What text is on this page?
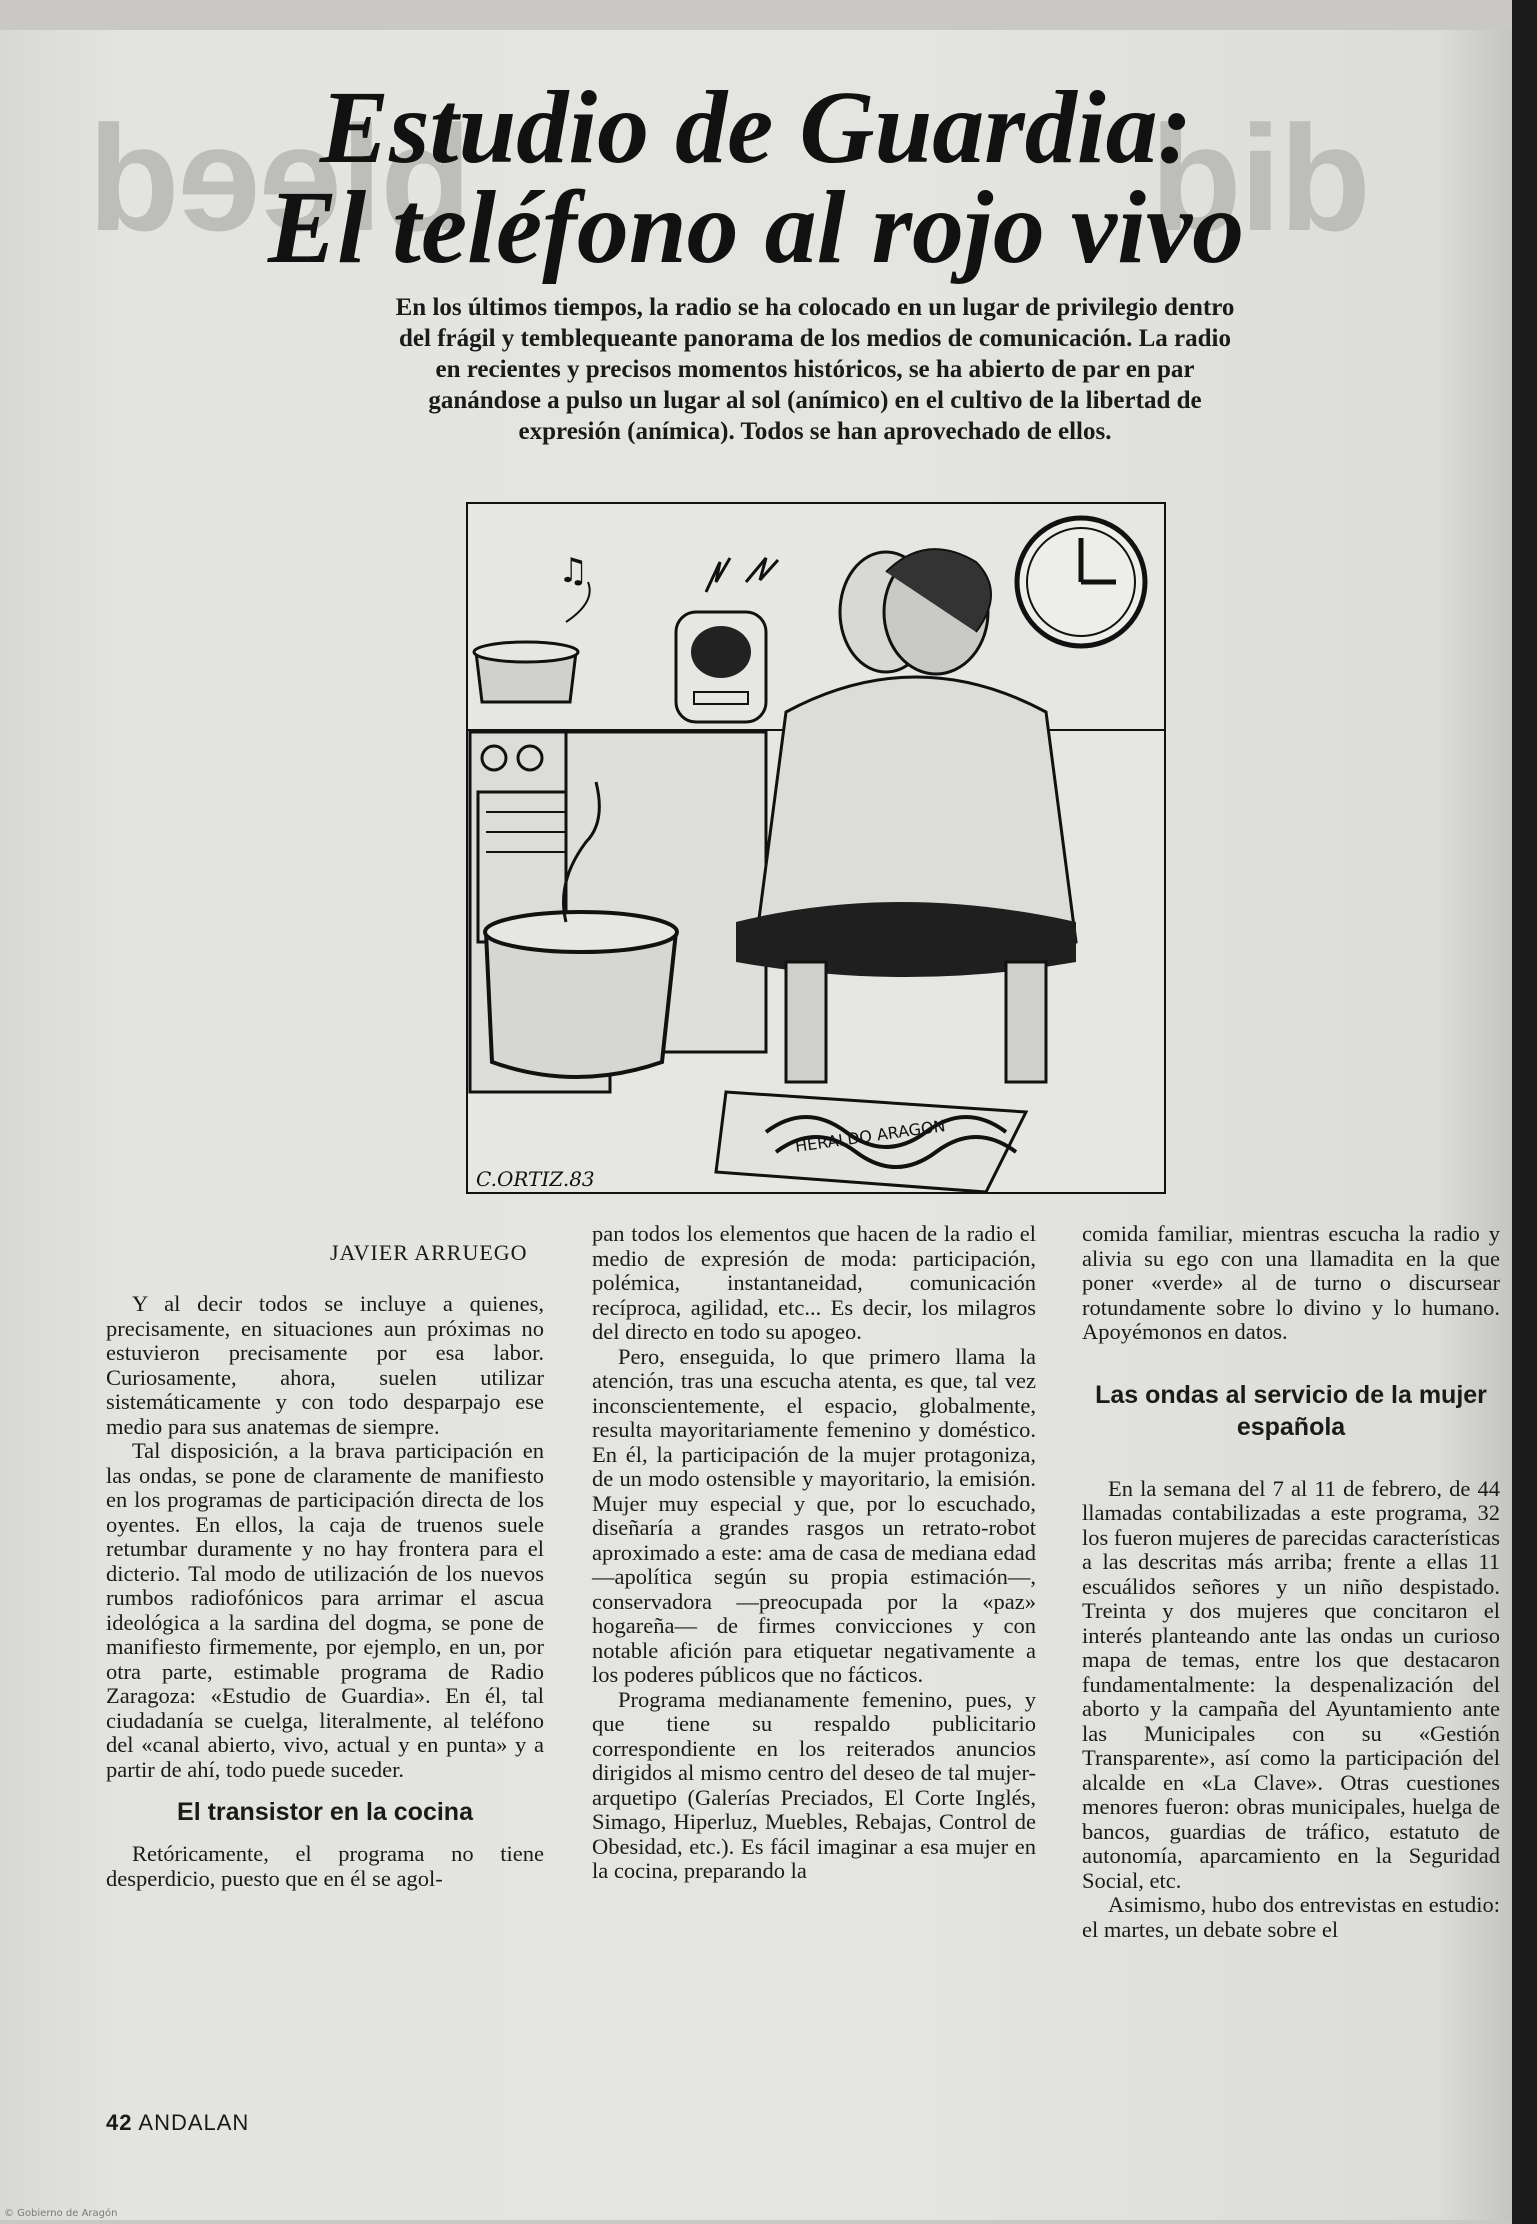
bleed	bib
Estudio de Guardia:
El teléfono al rojo vivo

En los últimos tiempos, la radio se ha colocado en un lugar de privilegio dentro del frágil y temblequeante panorama de los medios de comunicación. La radio en recientes y precisos momentos históricos, se ha abierto de par en par ganándose a pulso un lugar al sol (anímico) en el cultivo de la libertad de expresión (anímica). Todos se han aprovechado de ellos.

♫
HERALDO ARAGON
C.ORTIZ.83
JAVIER ARRUEGO

Y al decir todos se incluye a quienes, precisamente, en situaciones aun próximas no estuvieron precisamente por esa labor. Curiosamente, ahora, suelen utilizar sistemáticamente y con todo desparpajo ese medio para sus anatemas de siempre.

Tal disposición, a la brava participación en las ondas, se pone de claramente de manifiesto en los programas de participación directa de los oyentes. En ellos, la caja de truenos suele retumbar duramente y no hay frontera para el dicterio. Tal modo de utilización de los nuevos rumbos radiofónicos para arrimar el ascua ideológica a la sardina del dogma, se pone de manifiesto firmemente, por ejemplo, en un, por otra parte, estimable programa de Radio Zaragoza: «Estudio de Guardia». En él, tal ciudadanía se cuelga, literalmente, al teléfono del «canal abierto, vivo, actual y en punta» y a partir de ahí, todo puede suceder.

El transistor en la cocina

Retóricamente, el programa no tiene desperdicio, puesto que en él se agol-

pan todos los elementos que hacen de la radio el medio de expresión de moda: participación, polémica, instantaneidad, comunicación recíproca, agilidad, etc... Es decir, los milagros del directo en todo su apogeo.

Pero, enseguida, lo que primero llama la atención, tras una escucha atenta, es que, tal vez inconscientemente, el espacio, globalmente, resulta mayoritariamente femenino y doméstico. En él, la participación de la mujer protagoniza, de un modo ostensible y mayoritario, la emisión. Mujer muy especial y que, por lo escuchado, diseñaría a grandes rasgos un retrato-robot aproximado a este: ama de casa de mediana edad —apolítica según su propia estimación—, conservadora —preocupada por la «paz» hogareña— de firmes convicciones y con notable afición para etiquetar negativamente a los poderes públicos que no fácticos.

Programa medianamente femenino, pues, y que tiene su respaldo publicitario correspondiente en los reiterados anuncios dirigidos al mismo centro del deseo de tal mujer-arquetipo (Galerías Preciados, El Corte Inglés, Simago, Hiperluz, Muebles, Rebajas, Control de Obesidad, etc.). Es fácil imaginar a esa mujer en la cocina, preparando la

comida familiar, mientras escucha la radio y alivia su ego con una llamadita en la que poner «verde» al de turno o discursear rotundamente sobre lo divino y lo humano. Apoyémonos en datos.

Las ondas al servicio de la mujer española

En la semana del 7 al 11 de febrero, de 44 llamadas contabilizadas a este programa, 32 los fueron mujeres de parecidas características a las descritas más arriba; frente a ellas 11 escuálidos señores y un niño despistado. Treinta y dos mujeres que concitaron el interés planteando ante las ondas un curioso mapa de temas, entre los que destacaron fundamentalmente: la despenalización del aborto y la campaña del Ayuntamiento ante las Municipales con su «Gestión Transparente», así como la participación del alcalde en «La Clave». Otras cuestiones menores fueron: obras municipales, huelga de bancos, guardias de tráfico, estatuto de autonomía, aparcamiento en la Seguridad Social, etc.

Asimismo, hubo dos entrevistas en estudio: el martes, un debate sobre el

42 ANDALAN
© Gobierno de Aragón
